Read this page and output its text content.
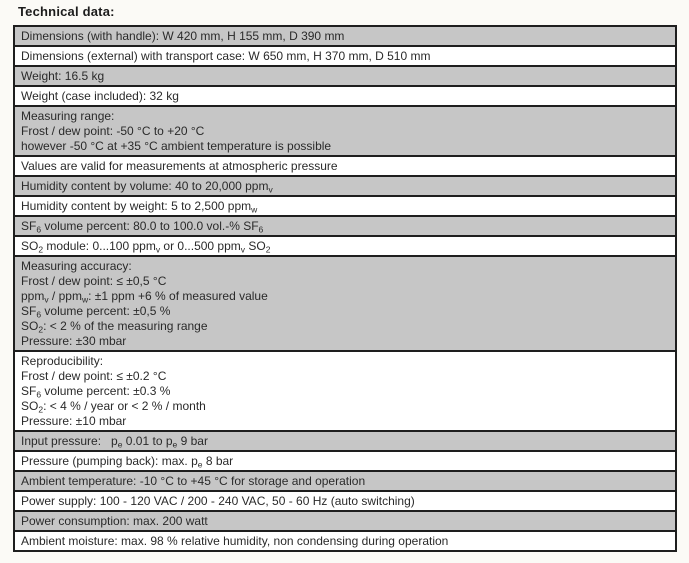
Technical data:
Dimensions (with handle): W 420 mm, H 155 mm, D 390 mm
Dimensions (external) with transport case: W 650 mm, H 370 mm, D 510 mm
Weight: 16.5 kg
Weight (case included): 32 kg
Measuring range:
Frost / dew point: -50 °C to +20 °C
however -50 °C at +35 °C ambient temperature is possible
Values are valid for measurements at atmospheric pressure
Humidity content by volume: 40 to 20,000 ppm$_v$
Humidity content by weight: 5 to 2,500 ppm$_w$
$SF_6$ volume percent: 80.0 to 100.0 vol.-% $SF_6$
$SO_2$ module: 0...100 ppm$_v$ or 0...500 ppm$_v$ $SO_2$
Measuring accuracy:
Frost / dew point: ≤ ±0,5 °C
ppm$_v$ / ppm$_w$: ±1 ppm +6 % of measured value
$SF_6$ volume percent: ±0,5 %
$SO_2$: < 2 % of the measuring range
Pressure: ±30 mbar
Reproducibility:
Frost / dew point: ≤ ±0.2 °C
$SF_6$ volume percent: ±0.3 %
$SO_2$: < 4 % / year or < 2 % / month
Pressure: ±10 mbar
Input pressure:   $p_e$ 0.01 to $p_e$ 9 bar
Pressure (pumping back): max. $p_e$ 8 bar
Ambient temperature: -10 °C to +45 °C for storage and operation
Power supply: 100 - 120 VAC / 200 - 240 VAC, 50 - 60 Hz (auto switching)
Power consumption: max. 200 watt
Ambient moisture: max. 98 % relative humidity, non condensing during operation
